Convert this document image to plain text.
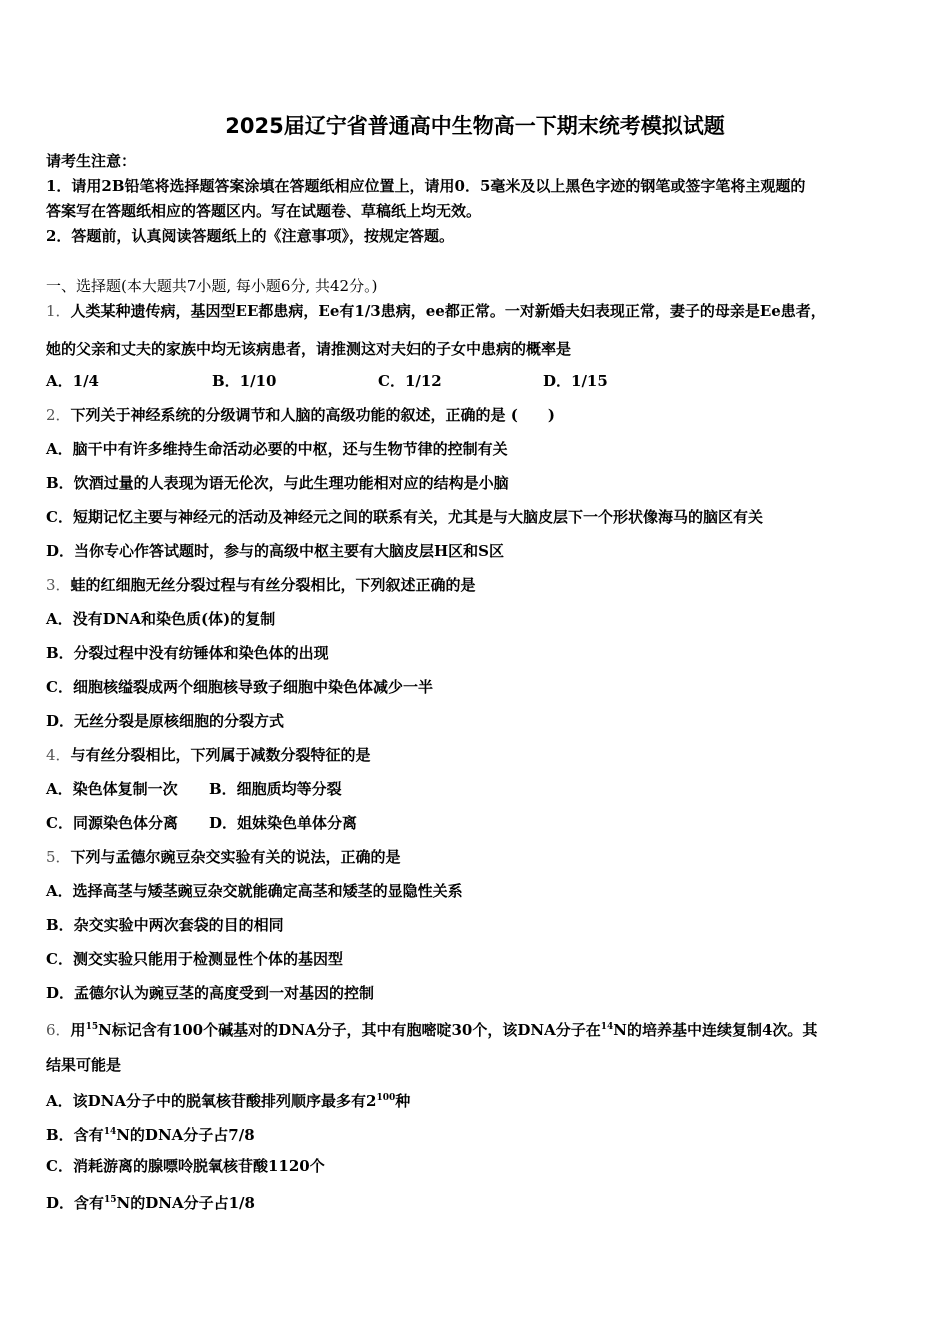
2025届辽宁省普通高中生物高一下期末统考模拟试题
请考生注意：
1．请用2B铅笔将选择题答案涂填在答题纸相应位置上，请用0．5毫米及以上黑色字迹的钢笔或签字笔将主观题的
答案写在答题纸相应的答题区内。写在试题卷、草稿纸上均无效。
2．答题前，认真阅读答题纸上的《注意事项》，按规定答题。
一、选择题(本大题共7小题, 每小题6分, 共42分。)
1．人类某种遗传病，基因型EE都患病，Ee有1/3患病，ee都正常。一对新婚夫妇表现正常，妻子的母亲是Ee患者，
她的父亲和丈夫的家族中均无该病患者，请推测这对夫妇的子女中患病的概率是
A．1/4	B．1/10	C．1/12	D．1/15
2．下列关于神经系统的分级调节和人脑的高级功能的叙述，正确的是 (　　)
A．脑干中有许多维持生命活动必要的中枢，还与生物节律的控制有关
B．饮酒过量的人表现为语无伦次，与此生理功能相对应的结构是小脑
C．短期记忆主要与神经元的活动及神经元之间的联系有关，尤其是与大脑皮层下一个形状像海马的脑区有关
D．当你专心作答试题时，参与的高级中枢主要有大脑皮层H区和S区
3．蛙的红细胞无丝分裂过程与有丝分裂相比，下列叙述正确的是
A．没有DNA和染色质(体)的复制
B．分裂过程中没有纺锤体和染色体的出现
C．细胞核缢裂成两个细胞核导致子细胞中染色体减少一半
D．无丝分裂是原核细胞的分裂方式
4．与有丝分裂相比，下列属于减数分裂特征的是
A．染色体复制一次 B．细胞质均等分裂
C．同源染色体分离 D．姐妹染色单体分离
5．下列与孟德尔豌豆杂交实验有关的说法，正确的是
A．选择高茎与矮茎豌豆杂交就能确定高茎和矮茎的显隐性关系
B．杂交实验中两次套袋的目的相同
C．测交实验只能用于检测显性个体的基因型
D．孟德尔认为豌豆茎的高度受到一对基因的控制
6．用$^{15}$N标记含有100个碱基对的DNA分子，其中有胞嘧啶30个，该DNA分子在$^{14}$N的培养基中连续复制4次。其
结果可能是
A．该DNA分子中的脱氧核苷酸排列顺序最多有$2^{100}$种
B．含有$^{14}$N的DNA分子占7/8
C．消耗游离的腺嘌呤脱氧核苷酸1120个
D．含有$^{15}$N的DNA分子占1/8
